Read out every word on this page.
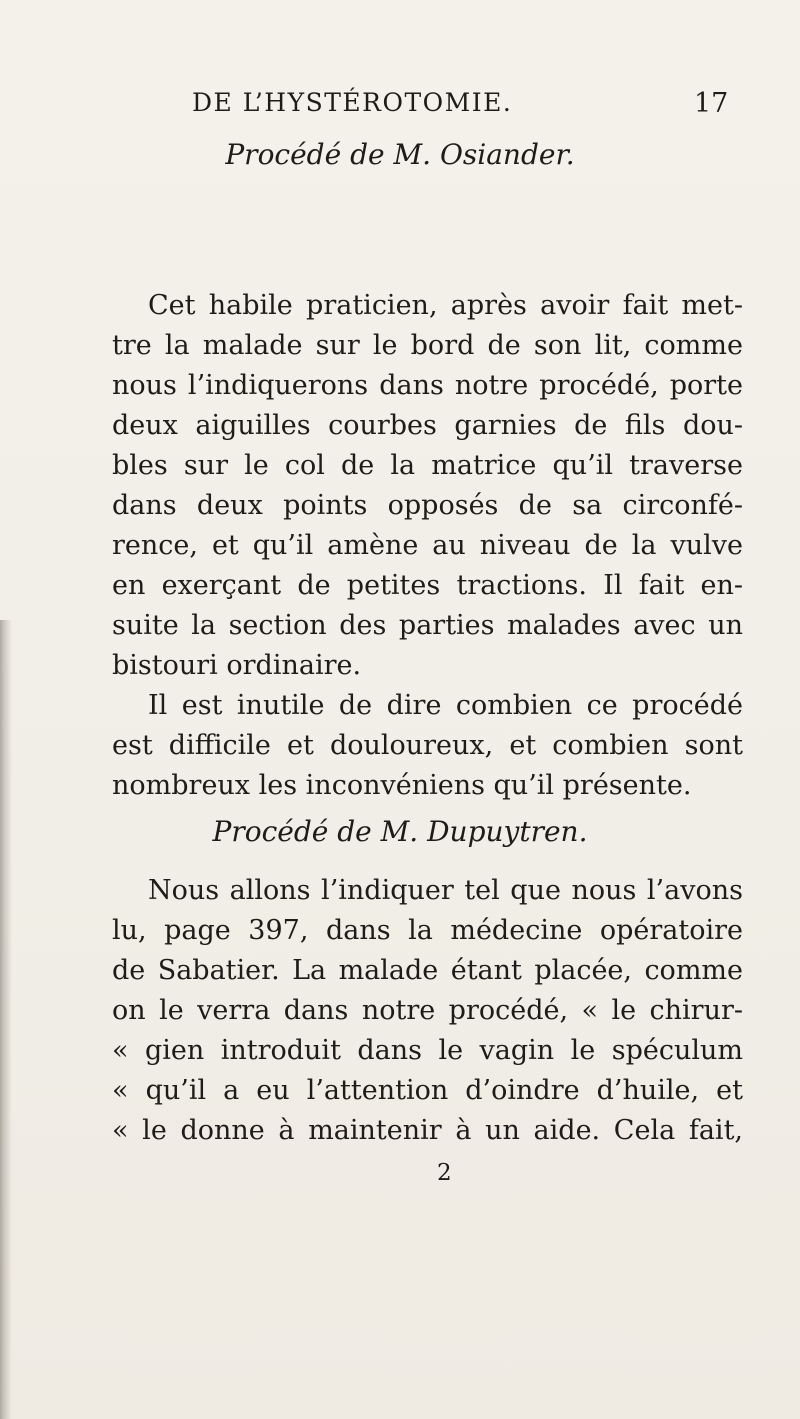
DE L’HYSTÉROTOMIE.	17
Procédé de M. Osiander.
Cet habile praticien, après avoir fait met-
tre la malade sur le bord de son lit, comme
nous l’indiquerons dans notre procédé, porte
deux aiguilles courbes garnies de fils dou-
bles sur le col de la matrice qu’il traverse
dans deux points opposés de sa circonfé-
rence, et qu’il amène au niveau de la vulve
en exerçant de petites tractions. Il fait en-
suite la section des parties malades avec un
bistouri ordinaire.
Il est inutile de dire combien ce procédé
est difficile et douloureux, et combien sont
nombreux les inconvéniens qu’il présente.
Procédé de M. Dupuytren.
Nous allons l’indiquer tel que nous l’avons
lu, page 397, dans la médecine opératoire
de Sabatier. La malade étant placée, comme
on le verra dans notre procédé, « le chirur-
« gien introduit dans le vagin le spéculum
« qu’il a eu l’attention d’oindre d’huile, et
« le donne à maintenir à un aide. Cela fait,
2
